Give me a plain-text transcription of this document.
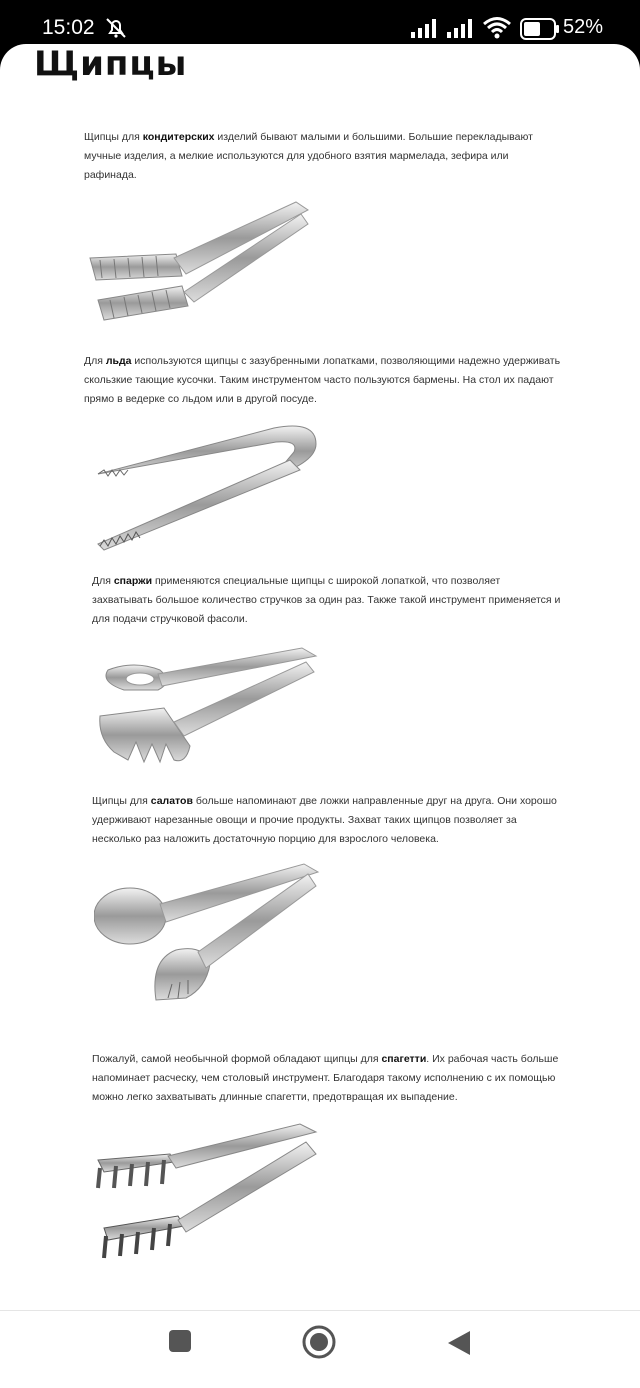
15:02	52%
Щипцы
Щипцы для кондитерских изделий бывают малыми и большими. Большие перекладывают мучные изделия, а мелкие используются для удобного взятия мармелада, зефира или рафинада.
Для льда используются щипцы с зазубренными лопатками, позволяющими надежно удерживать скользкие тающие кусочки. Таким инструментом часто пользуются бармены. На стол их падают прямо в ведерке со льдом или в другой посуде.
Для спаржи применяются специальные щипцы с широкой лопаткой, что позволяет захватывать большое количество стручков за один раз. Также такой инструмент применяется и для подачи стручковой фасоли.
Щипцы для салатов больше напоминают две ложки направленные друг на друга. Они хорошо удерживают нарезанные овощи и прочие продукты. Захват таких щипцов позволяет за несколько раз наложить достаточную порцию для взрослого человека.
Пожалуй, самой необычной формой обладают щипцы для спагетти. Их рабочая часть больше напоминает расческу, чем столовый инструмент. Благодаря такому исполнению с их помощью можно легко захватывать длинные спагетти, предотвращая их выпадение.
